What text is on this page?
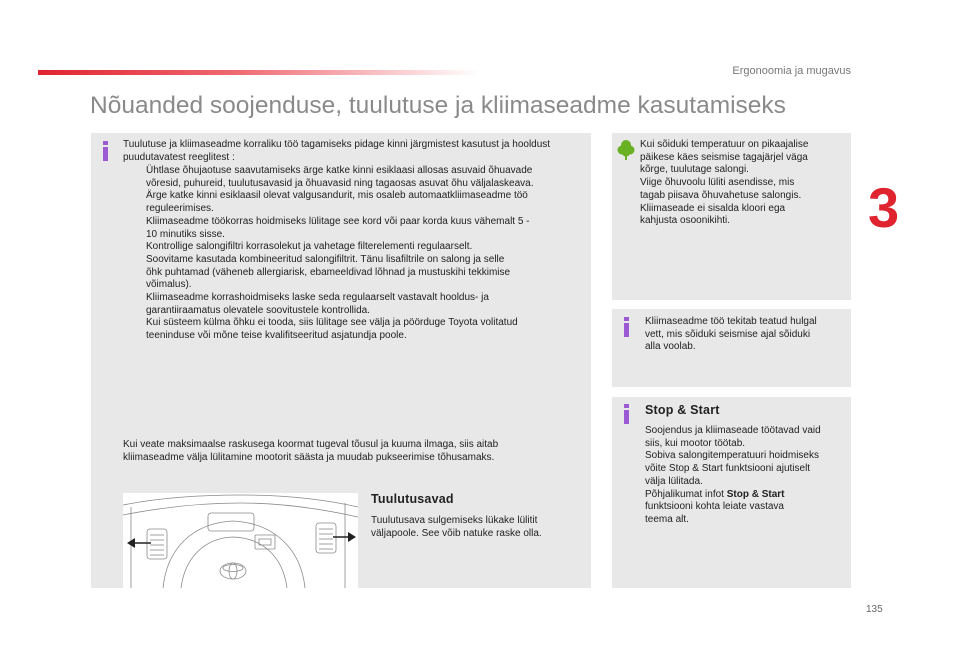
Ergonoomia ja mugavus
Nõuanded soojenduse, tuulutuse ja kliimaseadme kasutamiseks
3
Tuulutuse ja kliimaseadme korraliku töö tagamiseks pidage kinni järgmistest kasutust ja hooldust puudutavatest reeglitest :
Ühtlase õhujaotuse saavutamiseks ärge katke kinni esiklaasi allosas asuvaid õhuavade
võresid, puhureid, tuulutusavasid ja õhuavasid ning tagaosas asuvat õhu väljalaskeava.
Ärge katke kinni esiklaasil olevat valgusandurit, mis osaleb automaatkliimaseadme töö
reguleerimises.
Kliimaseadme töökorras hoidmiseks lülitage see kord või paar korda kuus vähemalt 5 -
10 minutiks sisse.
Kontrollige salongifiltri korrasolekut ja vahetage filterelementi regulaarselt.
Soovitame kasutada kombineeritud salongifiltrit. Tänu lisafiltrile on salong ja selle
õhk puhtamad (väheneb allergiarisk, ebameeldivad lõhnad ja mustuskihi tekkimise
võimalus).
Kliimaseadme korrashoidmiseks laske seda regulaarselt vastavalt hooldus- ja
garantiiraamatus olevatele soovitustele kontrollida.
Kui süsteem külma õhku ei tooda, siis lülitage see välja ja pöörduge Toyota volitatud
teeninduse või mõne teise kvalifitseeritud asjatundja poole.
Kui veate maksimaalse raskusega koormat tugeval tõusul ja kuuma ilmaga, siis aitab
kliimaseadme välja lülitamine mootorit säästa ja muudab pukseerimise tõhusamaks.
Tuulutusavad
Tuulutusava sulgemiseks lükake lülitit
väljapoole. See võib natuke raske olla.
Kui sõiduki temperatuur on pikaajalise
päikese käes seismise tagajärjel väga
kõrge, tuulutage salongi.
Viige õhuvoolu lüliti asendisse, mis
tagab piisava õhuvahetuse salongis.
Kliimaseade ei sisalda kloori ega
kahjusta osoonikihti.
Kliimaseadme töö tekitab teatud hulgal
vett, mis sõiduki seismise ajal sõiduki
alla voolab.
Stop & Start
Soojendus ja kliimaseade töötavad vaid
siis, kui mootor töötab.
Sobiva salongitemperatuuri hoidmiseks
võite Stop & Start funktsiooni ajutiselt
välja lülitada.
Põhjalikumat infot Stop & Start
funktsiooni kohta leiate vastava
teema alt.
135
